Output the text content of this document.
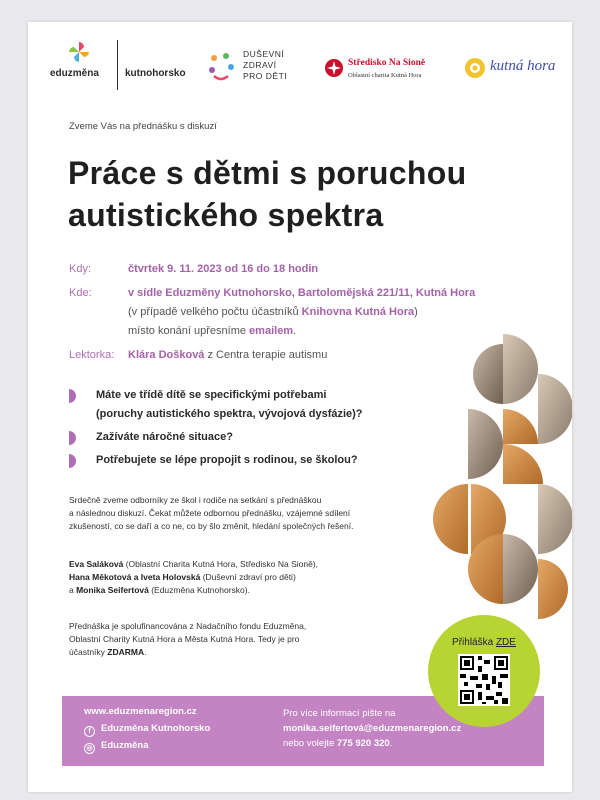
eduzměna	kutnohorsko
DUŠEVNÍ
ZDRAVÍ
PRO DĚTI
Středisko Na Sioně
Oblastní charita Kutná Hora
kutná hora
Zveme Vás na přednášku s diskuzí
Práce s dětmi s poruchou
autistického spektra
Kdy:	čtvrtek 9. 11. 2023 od 16 do 18 hodin
Kde:	v sídle Eduzměny Kutnohorsko, Bartolomějská 221/11, Kutná Hora
(v případě velkého počtu účastníků Knihovna Kutná Hora)
místo konání upřesníme emailem.
Lektorka: Klára Došková z Centra terapie autismu
Máte ve třídě dítě se specifickými potřebami
(poruchy autistického spektra, vývojová dysfázie)?
Zažíváte náročné situace?
Potřebujete se lépe propojit s rodinou, se školou?
Srdečně zveme odborníky ze škol i rodiče na setkání s přednáškou
a následnou diskuzí. Čekat můžete odbornou přednášku, vzájemné sdílení
zkušeností, co se daří a co ne, co by šlo změnit, hledání společných řešení.
Eva Saláková (Oblastní Charita Kutná Hora, Středisko Na Sioně),
Hana Měkotová a Iveta Holovská (Duševní zdraví pro děti)
a Monika Seifertová (Eduzměna Kutnohorsko).
Přednáška je spolufinancována z Nadačního fondu Eduzměna,
Oblastní Charity Kutná Hora a Města Kutná Hora. Tedy je pro
účastníky ZDARMA.
www.eduzmenaregion.cz
f Eduzměna Kutnohorsko
◎ Eduzměna
Pro více informací pište na
monika.seifertová@eduzmenaregion.cz
nebo volejte 775 920 320.
Přihláška ZDE
